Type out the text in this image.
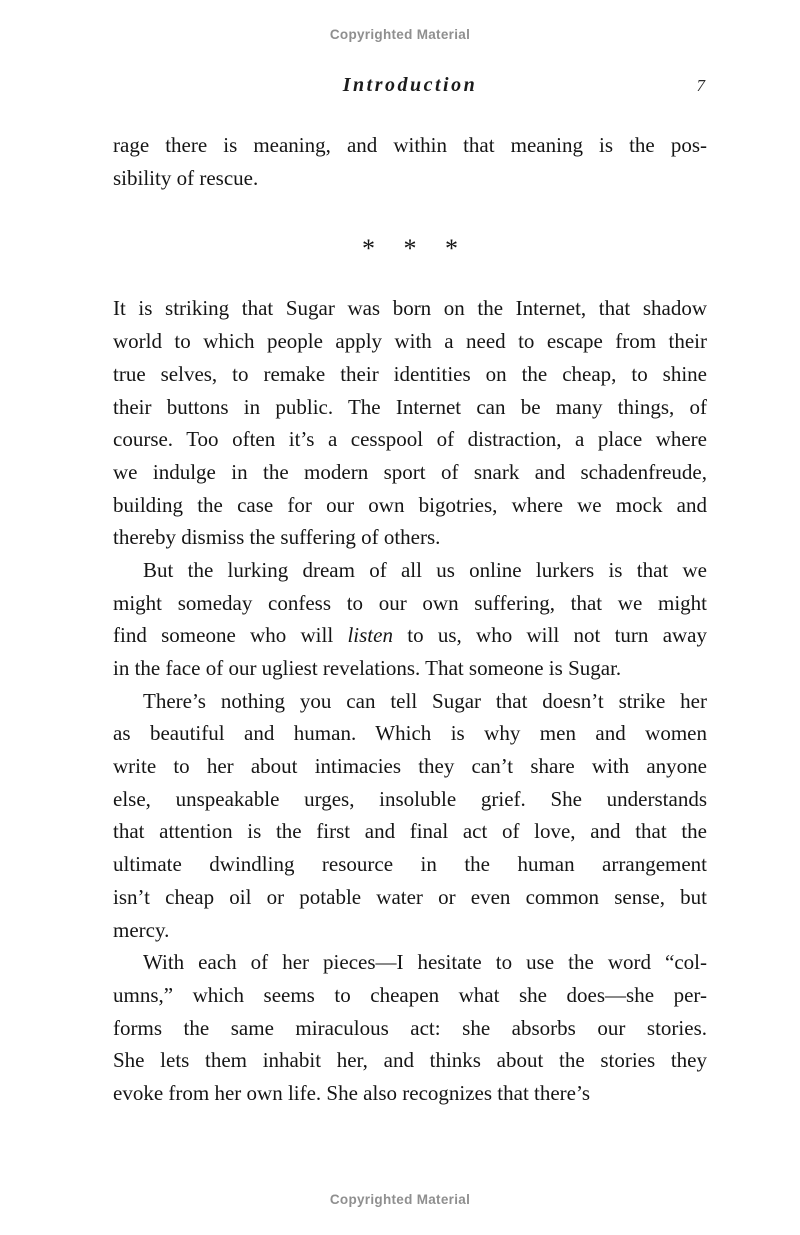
Copyrighted Material
Introduction	7
rage there is meaning, and within that meaning is the pos-
sibility of rescue.
* * *
It is striking that Sugar was born on the Internet, that shadow
world to which people apply with a need to escape from their
true selves, to remake their identities on the cheap, to shine
their buttons in public. The Internet can be many things, of
course. Too often it’s a cesspool of distraction, a place where
we indulge in the modern sport of snark and schadenfreude,
building the case for our own bigotries, where we mock and
thereby dismiss the suffering of others.
But the lurking dream of all us online lurkers is that we
might someday confess to our own suffering, that we might
find someone who will listen to us, who will not turn away
in the face of our ugliest revelations. That someone is Sugar.
There’s nothing you can tell Sugar that doesn’t strike her
as beautiful and human. Which is why men and women
write to her about intimacies they can’t share with anyone
else, unspeakable urges, insoluble grief. She understands
that attention is the first and final act of love, and that the
ultimate dwindling resource in the human arrangement
isn’t cheap oil or potable water or even common sense, but
mercy.
With each of her pieces—I hesitate to use the word “col-
umns,” which seems to cheapen what she does—she per-
forms the same miraculous act: she absorbs our stories.
She lets them inhabit her, and thinks about the stories they
evoke from her own life. She also recognizes that there’s
Copyrighted Material
